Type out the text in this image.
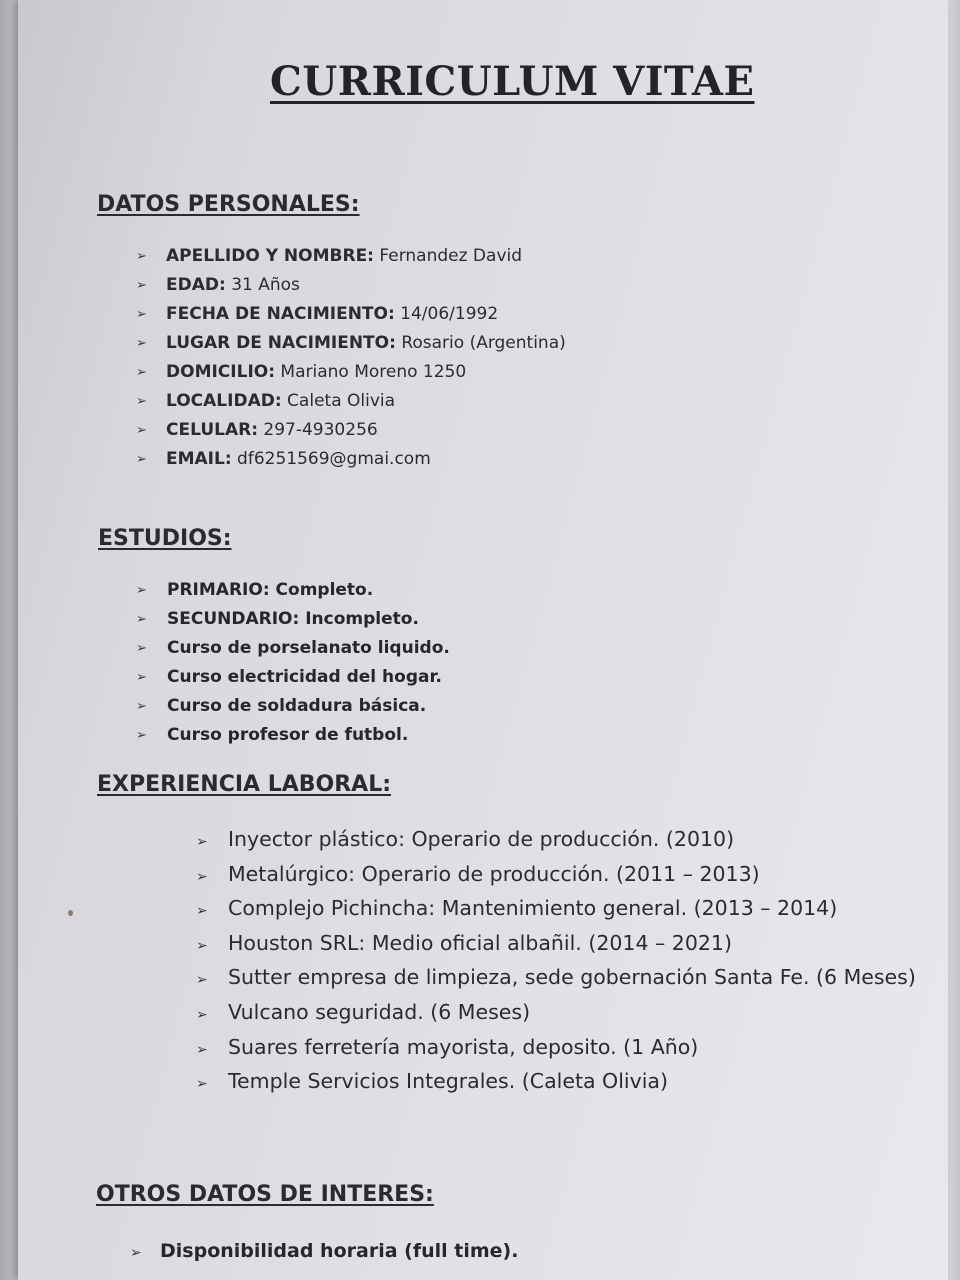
CURRICULUM VITAE
DATOS PERSONALES:
➢ APELLIDO Y NOMBRE: Fernandez David
➢ EDAD: 31 Años
➢ FECHA DE NACIMIENTO: 14/06/1992
➢ LUGAR DE NACIMIENTO: Rosario (Argentina)
➢ DOMICILIO: Mariano Moreno 1250
➢ LOCALIDAD: Caleta Olivia
➢ CELULAR: 297-4930256
➢ EMAIL: df6251569@gmai.com
ESTUDIOS:
➢ PRIMARIO: Completo.
➢ SECUNDARIO: Incompleto.
➢ Curso de porselanato liquido.
➢ Curso electricidad del hogar.
➢ Curso de soldadura básica.
➢ Curso profesor de futbol.
EXPERIENCIA LABORAL:
➢ Inyector plástico: Operario de producción. (2010)
➢ Metalúrgico: Operario de producción. (2011 – 2013)
➢ Complejo Pichincha: Mantenimiento general. (2013 – 2014)
➢ Houston SRL: Medio oficial albañil. (2014 – 2021)
➢ Sutter empresa de limpieza, sede gobernación Santa Fe. (6 Meses)
➢ Vulcano seguridad. (6 Meses)
➢ Suares ferretería mayorista, deposito. (1 Año)
➢ Temple Servicios Integrales. (Caleta Olivia)
OTROS DATOS DE INTERES:
➢ Disponibilidad horaria (full time).
